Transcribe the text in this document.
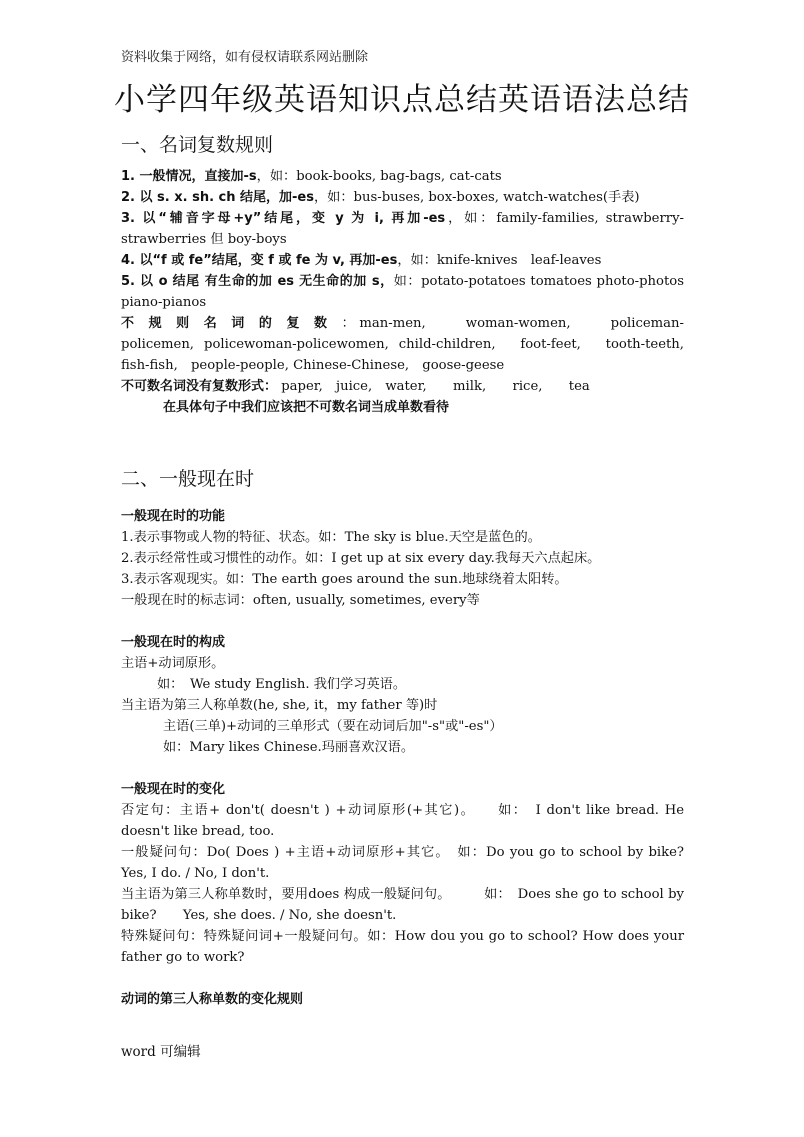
资料收集于网络，如有侵权请联系网站删除
小学四年级英语知识点总结英语语法总结
一、名词复数规则
1. 一般情况，直接加-s，如：book-books, bag-bags, cat-cats
2. 以 s. x. sh. ch 结尾，加-es，如：bus-buses, box-boxes, watch-watches(手表)
3. 以“辅音字母+y”结尾，变 y 为 i, 再加-es，如：family-families, strawberry-strawberries 但 boy-boys
4. 以“f 或 fe”结尾，变 f 或 fe 为 v, 再加-es，如：knife-knives　leaf-leaves
5. 以 o 结尾 有生命的加 es 无生命的加 s，如：potato-potatoes tomatoes photo-photos piano-pianos
不规则名词的复数：man-men,　　woman-women,　　policeman-policemen, policewoman-policewomen, child-children,　foot-feet,　tooth-teeth,　fish-fish,　people-people, Chinese-Chinese,　goose-geese
不可数名词没有复数形式： paper,　juice,　water,　　milk,　　rice,　　tea
在具体句子中我们应该把不可数名词当成单数看待
二、一般现在时
一般现在时的功能
1.表示事物或人物的特征、状态。如：The sky is blue.天空是蓝色的。
2.表示经常性或习惯性的动作。如：I get up at six every day.我每天六点起床。
3.表示客观现实。如：The earth goes around the sun.地球绕着太阳转。
一般现在时的标志词：often, usually, sometimes, every等
一般现在时的构成
主语+动词原形。
如：　We study English. 我们学习英语。
当主语为第三人称单数(he, she, it，my father 等)时
主语(三单)+动词的三单形式（要在动词后加"-s"或"-es"）
如：Mary likes Chinese.玛丽喜欢汉语。
一般现在时的变化
否定句：主语+ don't( doesn't ) +动词原形(+其它)。　　如：　I don't like bread. He doesn't like bread, too.
一般疑问句：Do( Does ) +主语+动词原形+其它。　如：Do you go to school by bike?　　Yes, I do. / No, I don't.
当主语为第三人称单数时，要用does 构成一般疑问句。　　　如：　Does she go to school by bike?　　Yes, she does. / No, she doesn't.
特殊疑问句：特殊疑问词+一般疑问句。如：How dou you go to school? How does your father go to work?
动词的第三人称单数的变化规则
word 可编辑
